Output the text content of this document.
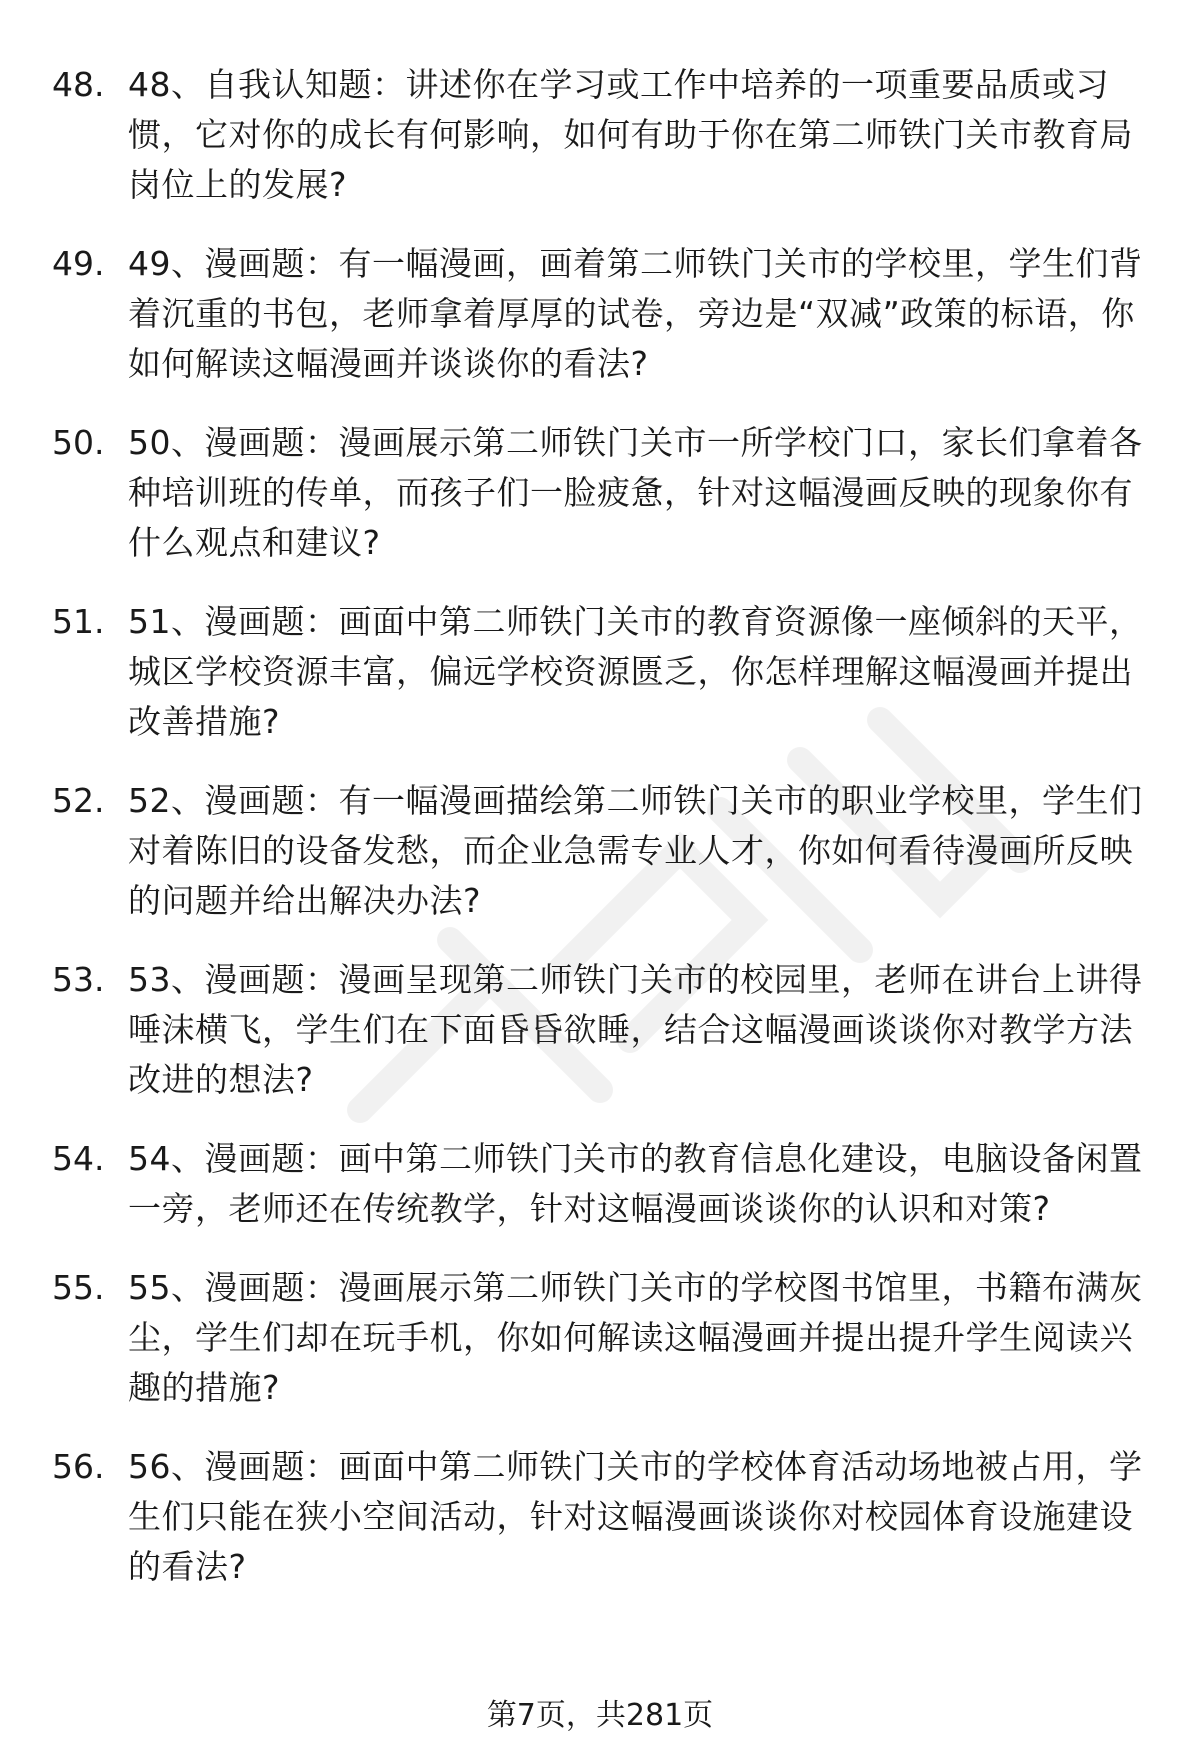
48. 48、自我认知题：讲述你在学习或工作中培养的一项重要品质或习惯，它对你的成长有何影响，如何有助于你在第二师铁门关市教育局岗位上的发展?
49. 49、漫画题：有一幅漫画，画着第二师铁门关市的学校里，学生们背着沉重的书包，老师拿着厚厚的试卷，旁边是“双减”政策的标语，你如何解读这幅漫画并谈谈你的看法?
50. 50、漫画题：漫画展示第二师铁门关市一所学校门口，家长们拿着各种培训班的传单，而孩子们一脸疲惫，针对这幅漫画反映的现象你有什么观点和建议?
51. 51、漫画题：画面中第二师铁门关市的教育资源像一座倾斜的天平，城区学校资源丰富，偏远学校资源匮乏，你怎样理解这幅漫画并提出改善措施?
52. 52、漫画题：有一幅漫画描绘第二师铁门关市的职业学校里，学生们对着陈旧的设备发愁，而企业急需专业人才，你如何看待漫画所反映的问题并给出解决办法?
53. 53、漫画题：漫画呈现第二师铁门关市的校园里，老师在讲台上讲得唾沫横飞，学生们在下面昏昏欲睡，结合这幅漫画谈谈你对教学方法改进的想法?
54. 54、漫画题：画中第二师铁门关市的教育信息化建设，电脑设备闲置一旁，老师还在传统教学，针对这幅漫画谈谈你的认识和对策?
55. 55、漫画题：漫画展示第二师铁门关市的学校图书馆里，书籍布满灰尘，学生们却在玩手机，你如何解读这幅漫画并提出提升学生阅读兴趣的措施?
56. 56、漫画题：画面中第二师铁门关市的学校体育活动场地被占用，学生们只能在狭小空间活动，针对这幅漫画谈谈你对校园体育设施建设的看法?
第7页，共281页
